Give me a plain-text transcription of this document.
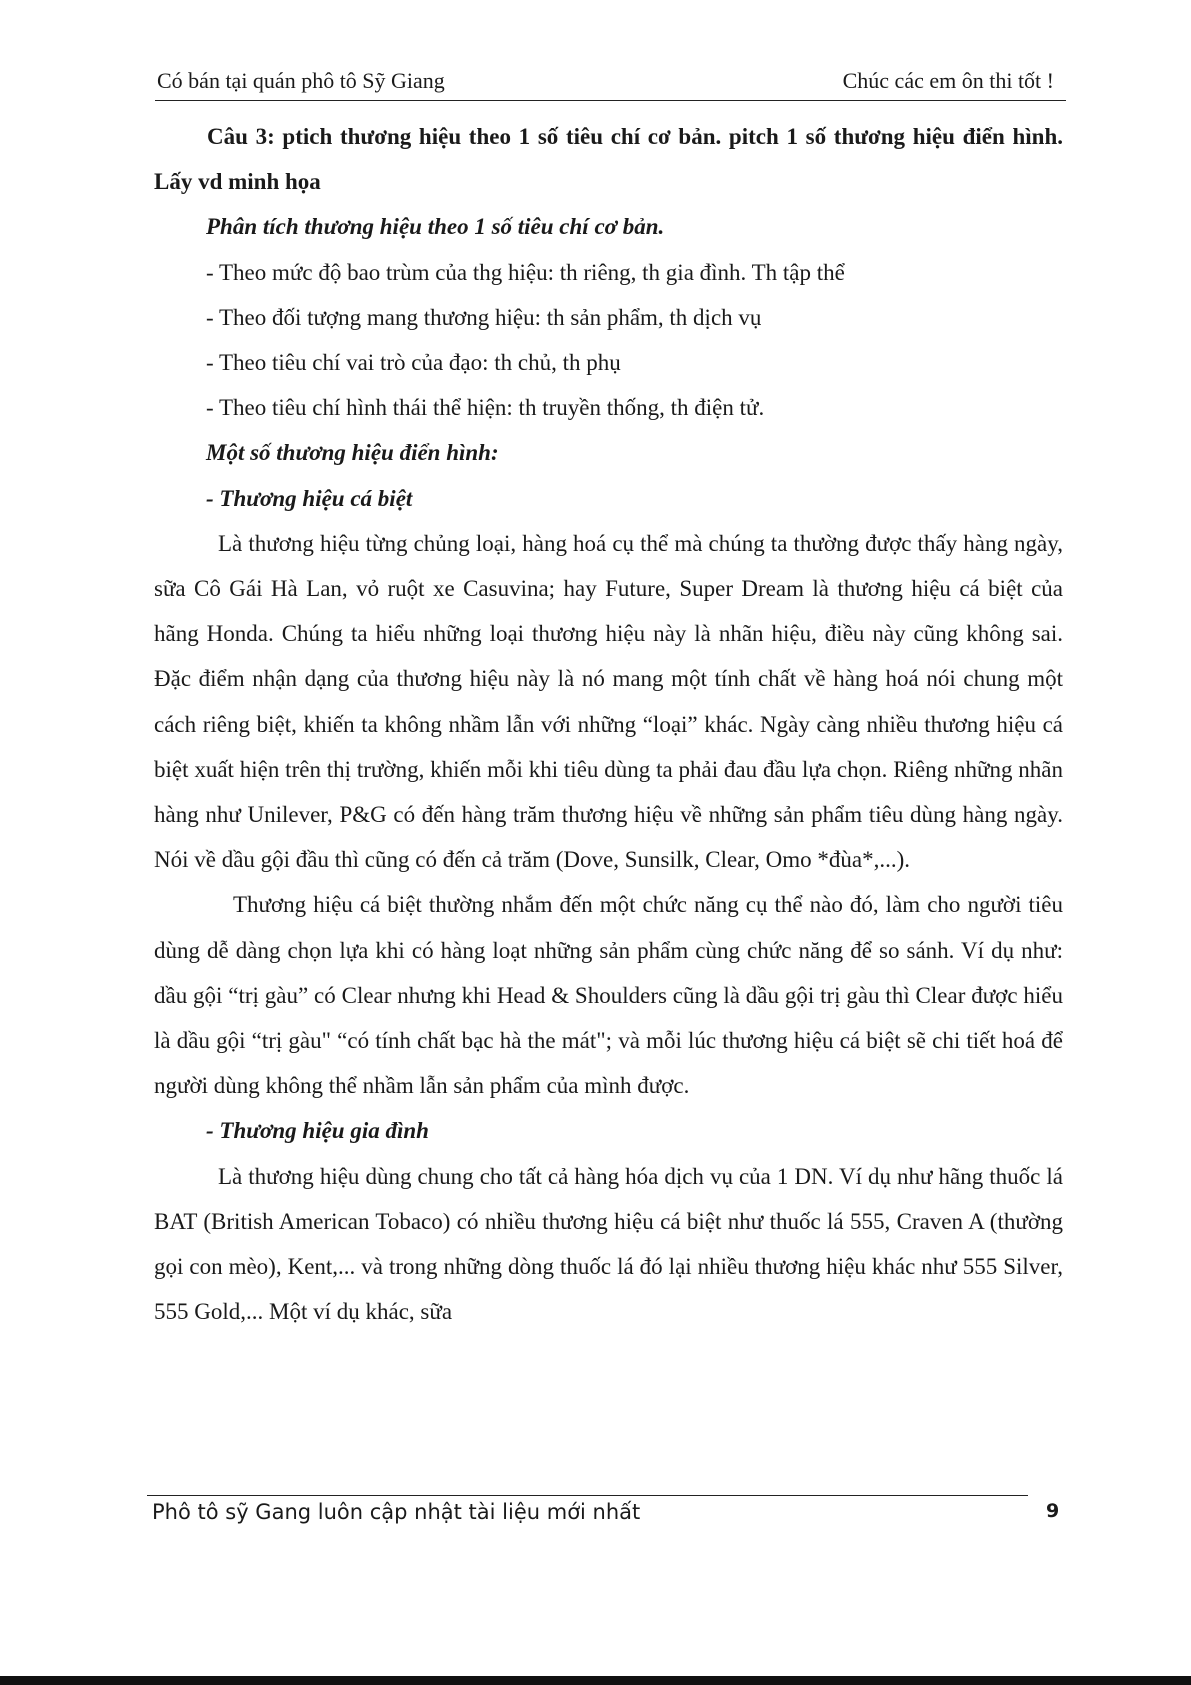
Có bán tại quán phô tô Sỹ Giang	Chúc các em ôn thi tốt !

Câu 3: ptich thương hiệu theo 1 số tiêu chí cơ bản. pitch 1 số thương hiệu điển hình. Lấy vd minh họa

Phân tích thương hiệu theo 1 số tiêu chí cơ bản.

- Theo mức độ bao trùm của thg hiệu: th riêng, th gia đình. Th tập thể

- Theo đối tượng mang thương hiệu: th sản phẩm, th dịch vụ

- Theo tiêu chí vai trò của đạo: th chủ, th phụ

- Theo tiêu chí hình thái thể hiện: th truyền thống, th điện tử.

Một số thương hiệu điển hình:

- Thương hiệu cá biệt

Là thương hiệu từng chủng loại, hàng hoá cụ thể mà chúng ta thường được thấy hàng ngày, sữa Cô Gái Hà Lan, vỏ ruột xe Casuvina; hay Future, Super Dream là thương hiệu cá biệt của hãng Honda. Chúng ta hiểu những loại thương hiệu này là nhãn hiệu, điều này cũng không sai. Đặc điểm nhận dạng của thương hiệu này là nó mang một tính chất về hàng hoá nói chung một cách riêng biệt, khiến ta không nhầm lẫn với những “loại” khác. Ngày càng nhiều thương hiệu cá biệt xuất hiện trên thị trường, khiến mỗi khi tiêu dùng ta phải đau đầu lựa chọn. Riêng những nhãn hàng như Unilever, P&G có đến hàng trăm thương hiệu về những sản phẩm tiêu dùng hàng ngày. Nói về dầu gội đầu thì cũng có đến cả trăm (Dove, Sunsilk, Clear, Omo *đùa*,...).

Thương hiệu cá biệt thường nhắm đến một chức năng cụ thể nào đó, làm cho người tiêu dùng dễ dàng chọn lựa khi có hàng loạt những sản phẩm cùng chức năng để so sánh. Ví dụ như: dầu gội “trị gàu” có Clear nhưng khi Head & Shoulders cũng là dầu gội trị gàu thì Clear được hiểu là dầu gội “trị gàu" “có tính chất bạc hà the mát"; và mỗi lúc thương hiệu cá biệt sẽ chi tiết hoá để người dùng không thể nhầm lẫn sản phẩm của mình được.

- Thương hiệu gia đình

Là thương hiệu dùng chung cho tất cả hàng hóa dịch vụ của 1 DN. Ví dụ như hãng thuốc lá BAT (British American Tobaco) có nhiều thương hiệu cá biệt như thuốc lá 555, Craven A (thường gọi con mèo), Kent,... và trong những dòng thuốc lá đó lại nhiều thương hiệu khác như 555 Silver, 555 Gold,... Một ví dụ khác, sữa

Phô tô sỹ Gang luôn cập nhật tài liệu mới nhất	9
